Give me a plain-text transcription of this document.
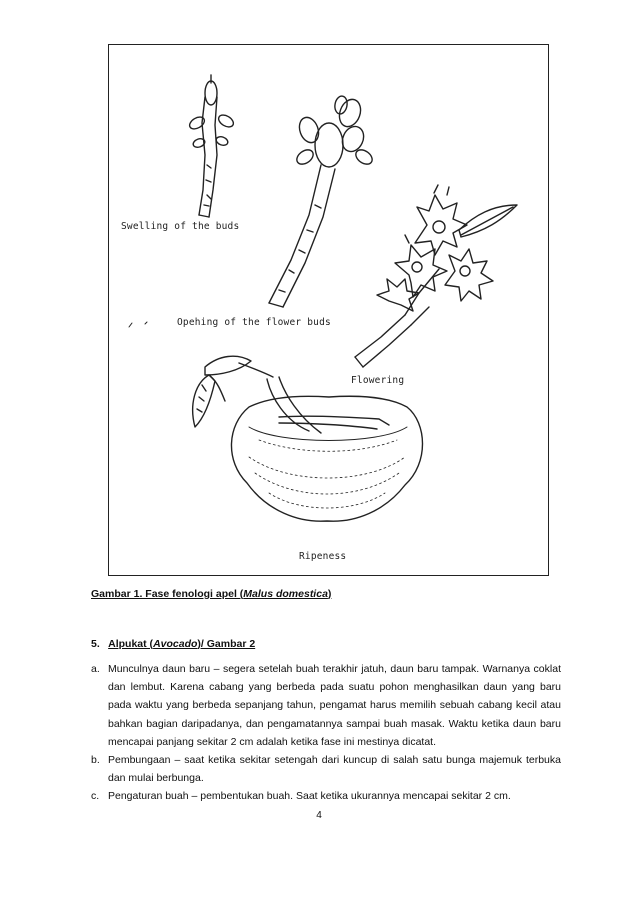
Swelling of the buds
Opehing of the flower buds
Flowering
Ripeness
Gambar 1. Fase fenologi apel (Malus domestica)
5. Alpukat (Avocado)/ Gambar 2
a. Munculnya daun baru – segera setelah buah terakhir jatuh, daun baru tampak. Warnanya coklat dan lembut. Karena cabang yang berbeda pada suatu pohon menghasilkan daun yang baru pada waktu yang berbeda sepanjang tahun, pengamat harus memilih sebuah cabang kecil atau bahkan bagian daripadanya, dan pengamatannya sampai buah masak. Waktu ketika daun baru mencapai panjang sekitar 2 cm adalah ketika fase ini mestinya dicatat.
b. Pembungaan – saat ketika sekitar setengah dari kuncup di salah satu bunga majemuk terbuka dan mulai berbunga.
c. Pengaturan buah – pembentukan buah. Saat ketika ukurannya mencapai sekitar 2 cm.
4
